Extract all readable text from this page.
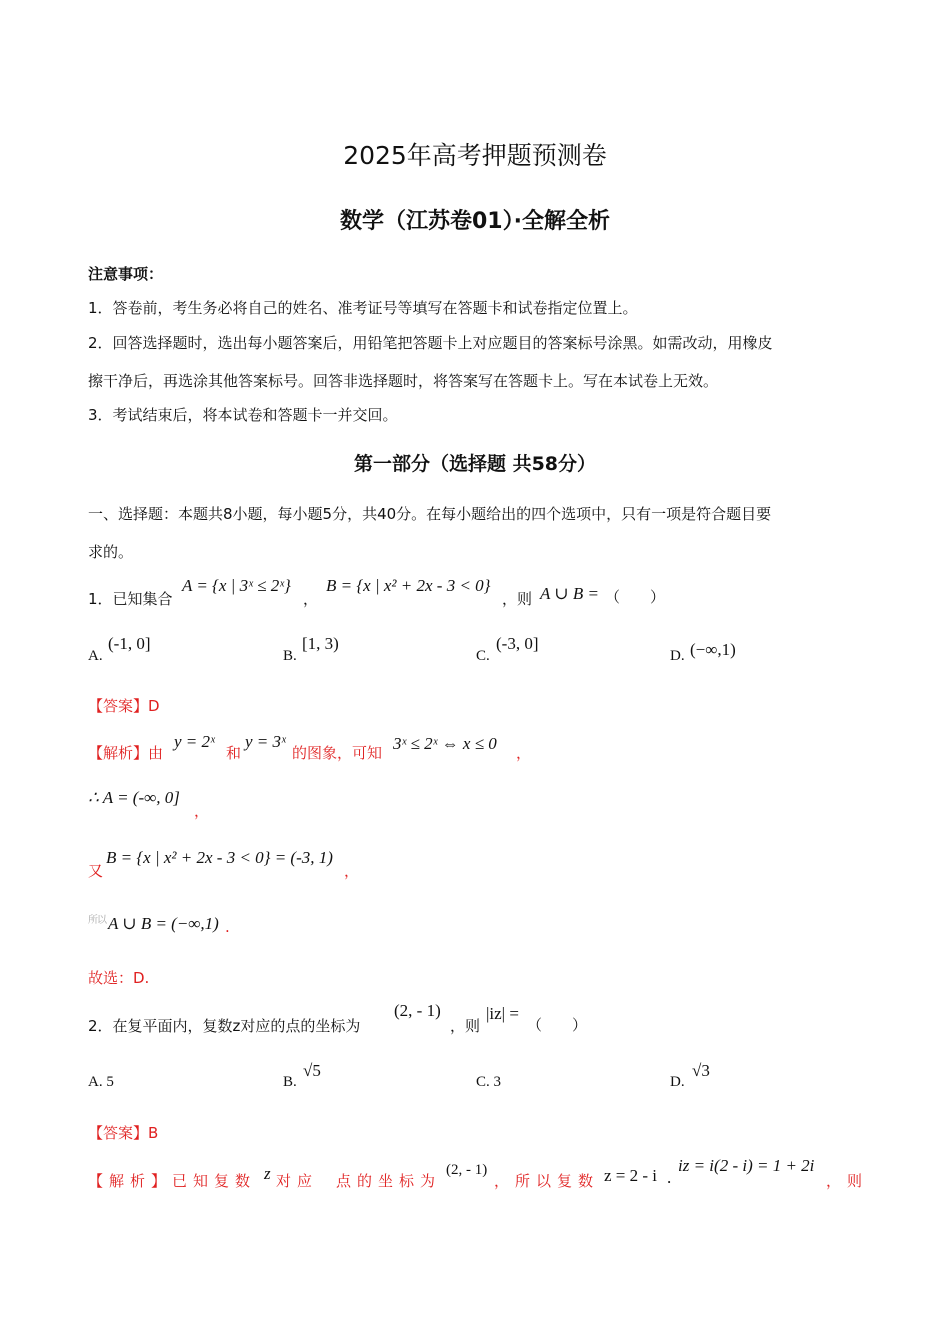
2025年高考押题预测卷
数学（江苏卷01）·全解全析
注意事项：
1．答卷前，考生务必将自己的姓名、准考证号等填写在答题卡和试卷指定位置上。
2．回答选择题时，选出每小题答案后，用铅笔把答题卡上对应题目的答案标号涂黑。如需改动，用橡皮
擦干净后，再选涂其他答案标号。回答非选择题时，将答案写在答题卡上。写在本试卷上无效。
3．考试结束后，将本试卷和答题卡一并交回。
第一部分（选择题 共58分）
一、选择题：本题共8小题，每小题5分，共40分。在每小题给出的四个选项中，只有一项是符合题目要
求的。
1．已知集合
A = {x | 3ˣ ≤ 2ˣ}
，
B = {x | x² + 2x - 3 < 0}
，则 A ∪ B = （　　）
A.
(-1, 0]
B.
[1, 3)
C.
(-3, 0]
D. (−∞,1)
【答案】D
【解析】由
y = 2ˣ
和
y = 3ˣ
的图象，可知 3ˣ ≤ 2ˣ ⇔ x ≤ 0 ，
∴ A = (-∞, 0]
，
又
B = {x | x² + 2x - 3 < 0} = (-3, 1)
，
所以 A ∪ B = (−∞,1) .
故选：D.
2．在复平面内，复数z对应的点的坐标为
(2, - 1)
，则
|iz| =
（　　）
A. 5	B.
√5
C. 3	D.
√3
【答案】B
【解析】已知复数 z 对应 点的坐标为
(2, - 1)
，所以复数 z = 2 - i .
iz = i(2 - i) = 1 + 2i
，则
